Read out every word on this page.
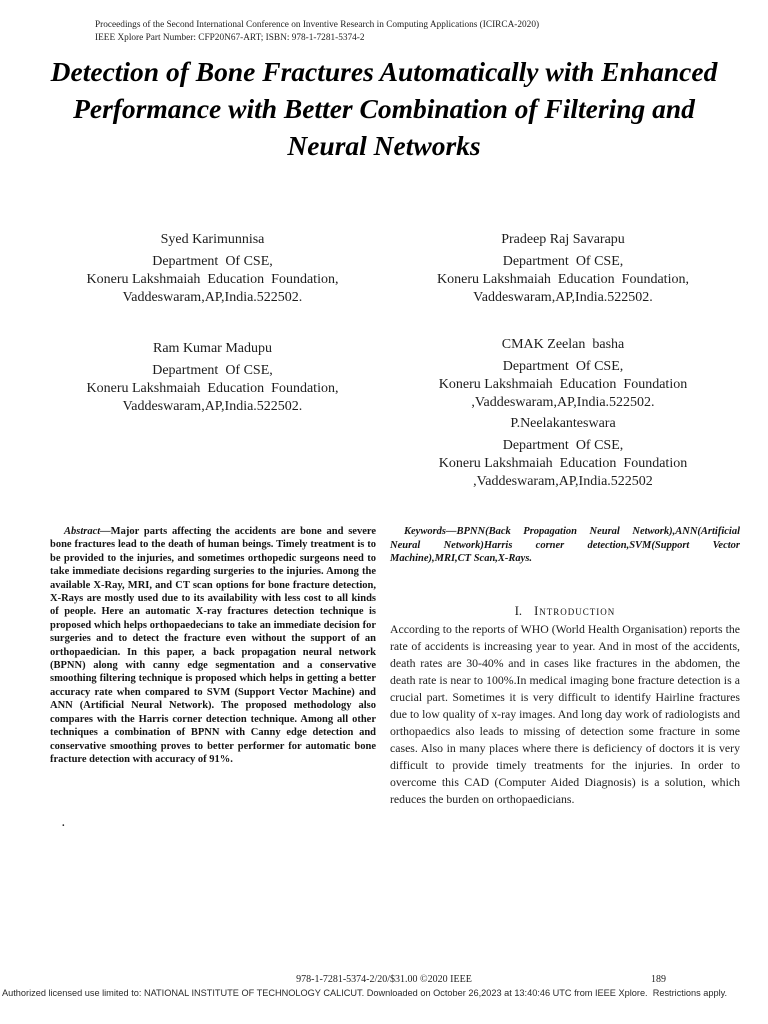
Proceedings of the Second International Conference on Inventive Research in Computing Applications (ICIRCA-2020)
IEEE Xplore Part Number: CFP20N67-ART; ISBN: 978-1-7281-5374-2
Detection of Bone Fractures Automatically with Enhanced Performance with Better Combination of Filtering and Neural Networks
Syed Karimunnisa
Department  Of CSE,
Koneru Lakshmaiah  Education  Foundation,
Vaddeswaram,AP,India.522502.
Pradeep Raj Savarapu
Department  Of CSE,
Koneru Lakshmaiah  Education  Foundation,
Vaddeswaram,AP,India.522502.
Ram Kumar Madupu
Department  Of CSE,
Koneru Lakshmaiah  Education  Foundation,
Vaddeswaram,AP,India.522502.
CMAK Zeelan  basha
Department  Of CSE,
Koneru Lakshmaiah  Education  Foundation
,Vaddeswaram,AP,India.522502.
P.Neelakanteswara
Department  Of CSE,
Koneru Lakshmaiah  Education  Foundation
,Vaddeswaram,AP,India.522502

Abstract—Major parts affecting the accidents are bone and severe bone fractures lead to the death of human beings. Timely treatment is to be provided to the injuries, and sometimes orthopedic surgeons need to take immediate decisions regarding surgeries to the injuries. Among the available X-Ray, MRI, and CT scan options for bone fracture detection, X-Rays are mostly used due to its availability with less cost to all kinds of people. Here an automatic X-ray fractures detection technique is proposed which helps orthopaedecians to take an immediate decision for surgeries and to detect the fracture even without the support of an orthopaedician. In this paper, a back propagation neural network (BPNN) along with canny edge segmentation and a conservative smoothing filtering technique is proposed which helps in getting a better accuracy rate when compared to SVM (Support Vector Machine) and ANN (Artificial Neural Network). The proposed methodology also compares with the Harris corner detection technique. Among all other techniques a combination of BPNN with Canny edge detection and conservative smoothing proves to better performer for automatic bone fracture detection with accuracy of 91%.

.

Keywords—BPNN(Back Propagation Neural Network),ANN(Artificial Neural Network)Harris corner detection,SVM(Support Vector Machine),MRI,CT Scan,X-Rays.

I. Introduction

According to the reports of WHO (World Health Organisation) reports the rate of accidents is increasing year to year. And in most of the accidents, death rates are 30-40% and in cases like fractures in the abdomen, the death rate is near to 100%.In medical imaging bone fracture detection is a crucial part. Sometimes it is very difficult to identify Hairline fractures due to low quality of x-ray images. And long day work of radiologists and orthopaedics also leads to missing of detection some fracture in some cases. Also in many places where there is deficiency of doctors it is very difficult to provide timely treatments for the injuries. In order to overcome this CAD (Computer Aided Diagnosis) is a solution, which reduces the burden on orthopaedicians.

978-1-7281-5374-2/20/$31.00 ©2020 IEEE	189
Authorized licensed use limited to: NATIONAL INSTITUTE OF TECHNOLOGY CALICUT. Downloaded on October 26,2023 at 13:40:46 UTC from IEEE Xplore.  Restrictions apply.
